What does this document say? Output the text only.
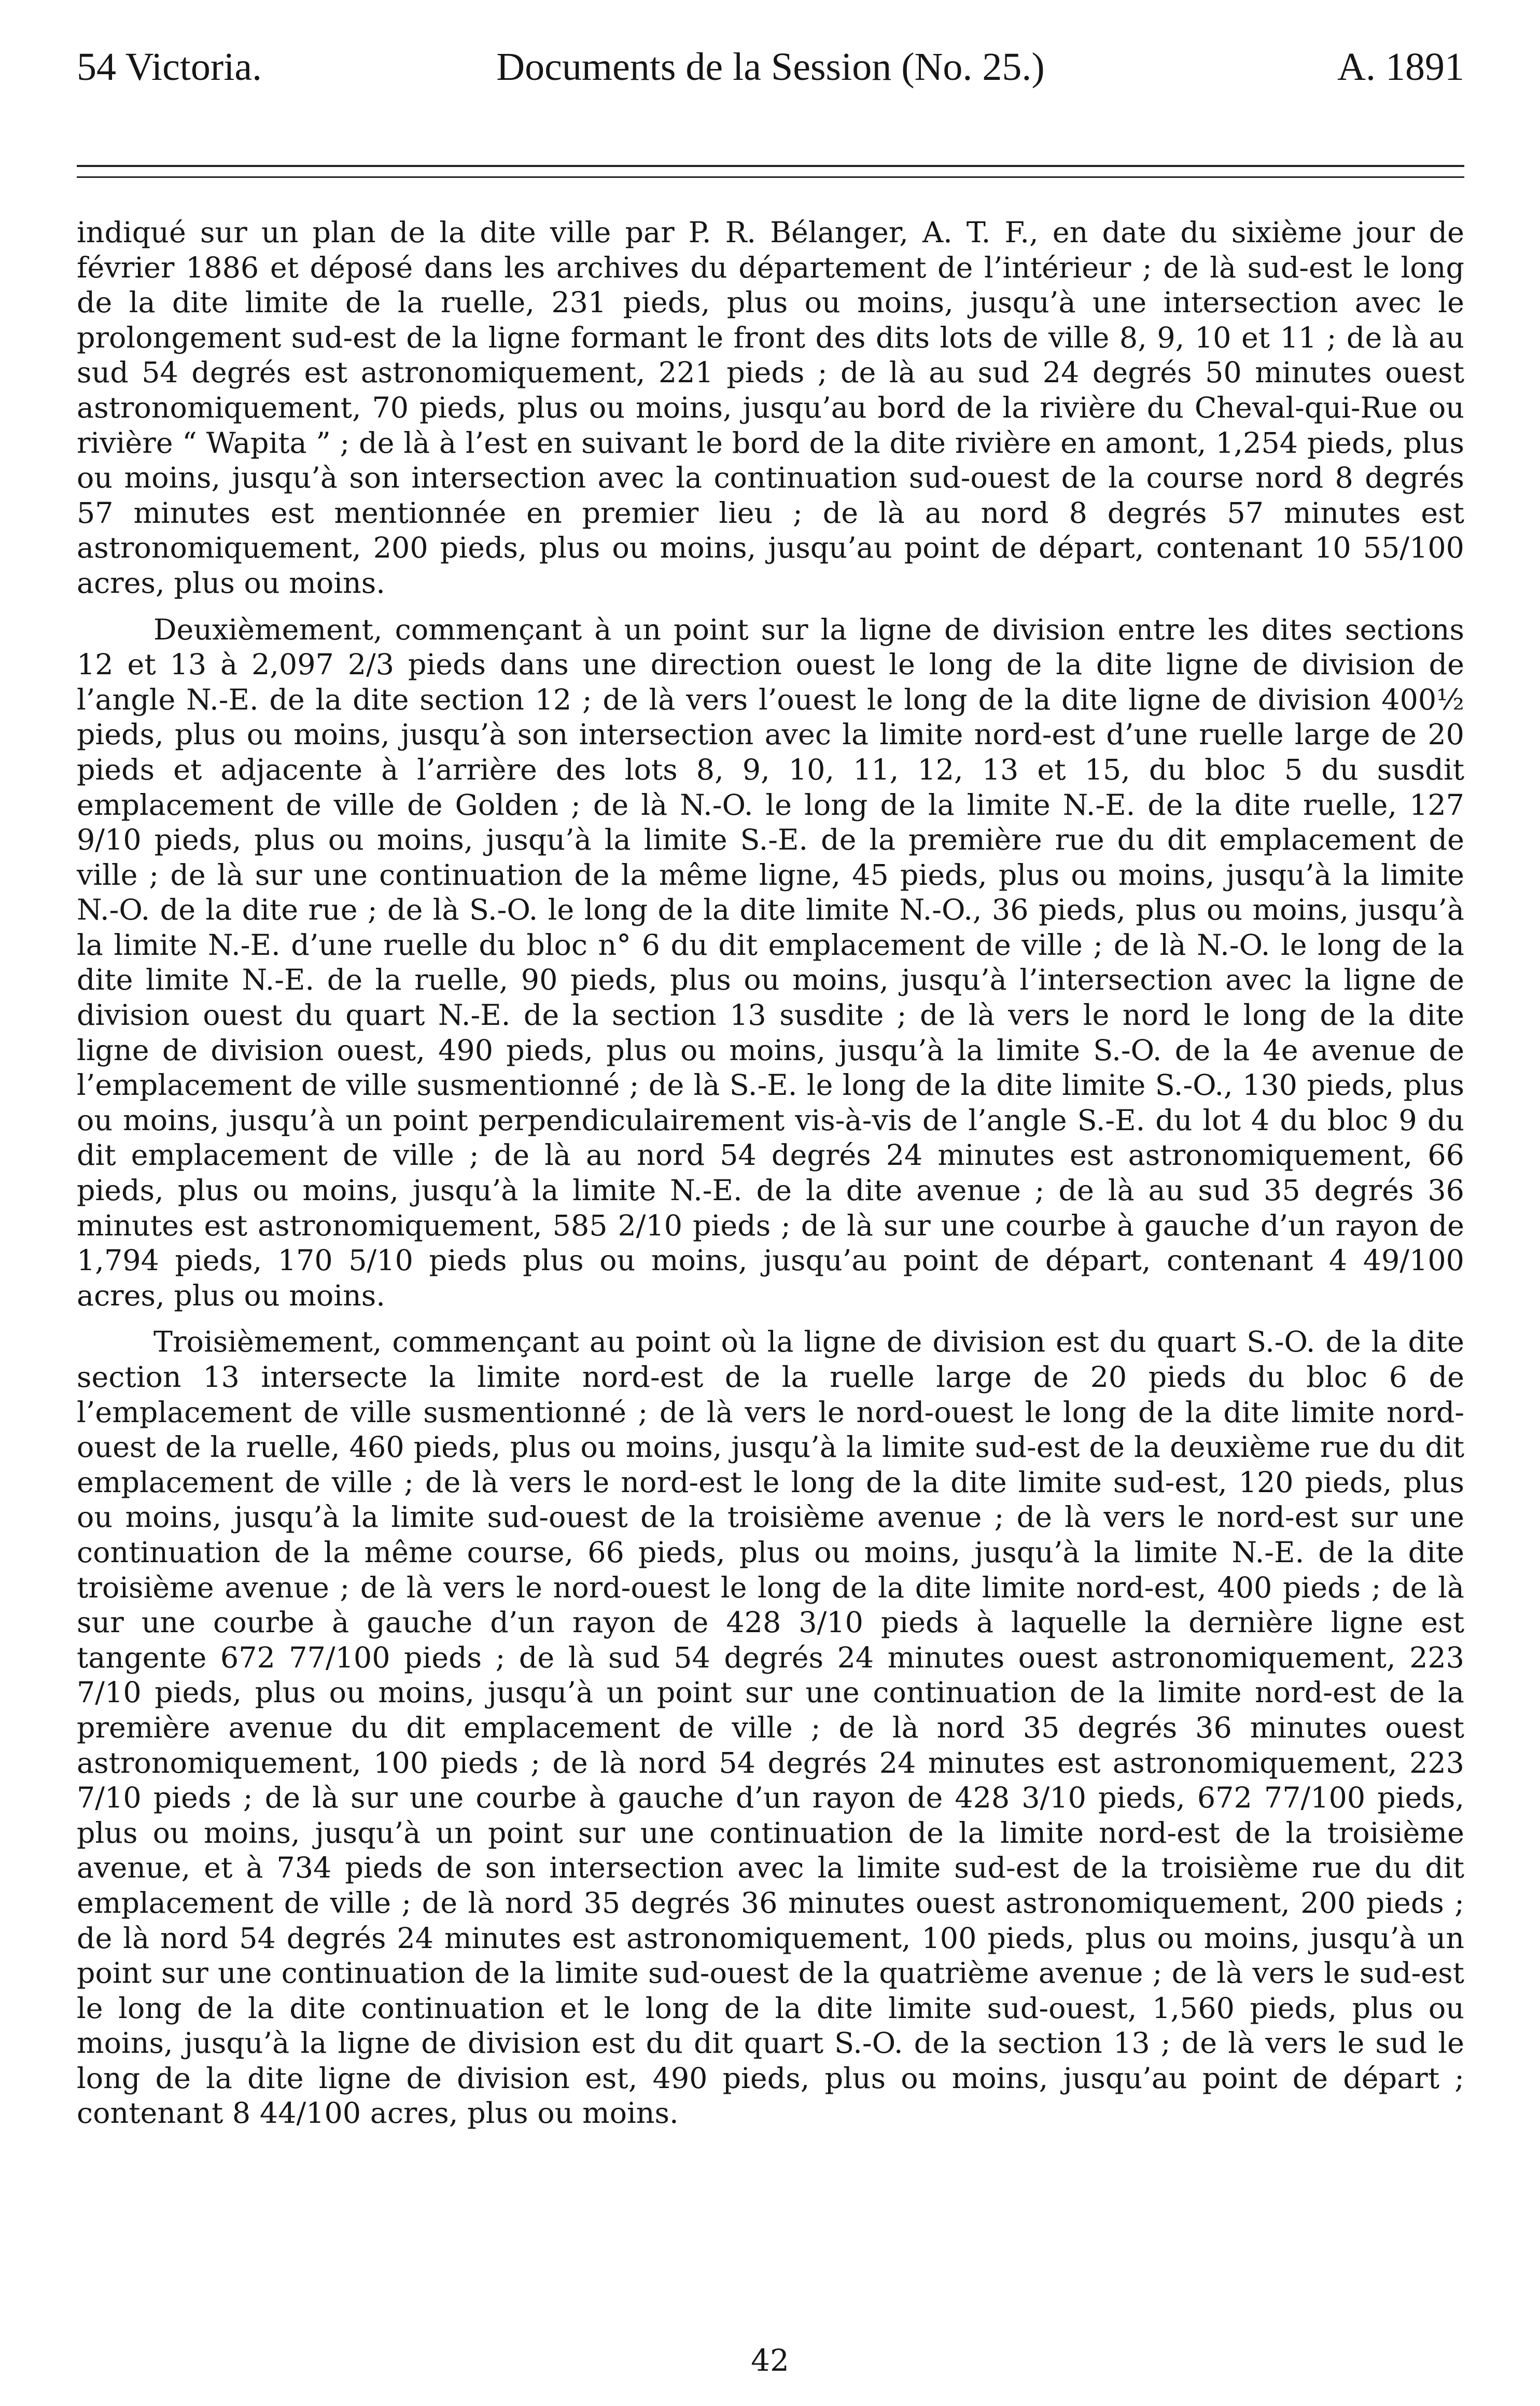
54 Victoria.	Documents de la Session (No. 25.)	A. 1891

indiqué sur un plan de la dite ville par P. R. Bélanger, A. T. F., en date du sixième jour de février 1886 et déposé dans les archives du département de l’intérieur ; de là sud-est le long de la dite limite de la ruelle, 231 pieds, plus ou moins, jusqu’à une intersection avec le prolongement sud-est de la ligne formant le front des dits lots de ville 8, 9, 10 et 11 ; de là au sud 54 degrés est astronomiquement, 221 pieds ; de là au sud 24 degrés 50 minutes ouest astronomiquement, 70 pieds, plus ou moins, jusqu’au bord de la rivière du Cheval-qui-Rue ou rivière “ Wapita ” ; de là à l’est en suivant le bord de la dite rivière en amont, 1,254 pieds, plus ou moins, jusqu’à son intersection avec la continuation sud-ouest de la course nord 8 degrés 57 minutes est mentionnée en premier lieu ; de là au nord 8 degrés 57 minutes est astronomiquement, 200 pieds, plus ou moins, jusqu’au point de départ, contenant 10 55/100 acres, plus ou moins.

Deuxièmement, commençant à un point sur la ligne de division entre les dites sections 12 et 13 à 2,097 2/3 pieds dans une direction ouest le long de la dite ligne de division de l’angle N.-E. de la dite section 12 ; de là vers l’ouest le long de la dite ligne de division 400½ pieds, plus ou moins, jusqu’à son intersection avec la limite nord-est d’une ruelle large de 20 pieds et adjacente à l’arrière des lots 8, 9, 10, 11, 12, 13 et 15, du bloc 5 du susdit emplacement de ville de Golden ; de là N.-O. le long de la limite N.-E. de la dite ruelle, 127 9/10 pieds, plus ou moins, jusqu’à la limite S.-E. de la première rue du dit emplacement de ville ; de là sur une continuation de la même ligne, 45 pieds, plus ou moins, jusqu’à la limite N.-O. de la dite rue ; de là S.-O. le long de la dite limite N.-O., 36 pieds, plus ou moins, jusqu’à la limite N.-E. d’une ruelle du bloc n° 6 du dit emplacement de ville ; de là N.-O. le long de la dite limite N.-E. de la ruelle, 90 pieds, plus ou moins, jusqu’à l’intersection avec la ligne de division ouest du quart N.-E. de la section 13 susdite ; de là vers le nord le long de la dite ligne de division ouest, 490 pieds, plus ou moins, jusqu’à la limite S.-O. de la 4e avenue de l’emplacement de ville susmentionné ; de là S.-E. le long de la dite limite S.-O., 130 pieds, plus ou moins, jusqu’à un point perpendiculairement vis-à-vis de l’angle S.-E. du lot 4 du bloc 9 du dit emplacement de ville ; de là au nord 54 degrés 24 minutes est astronomiquement, 66 pieds, plus ou moins, jusqu’à la limite N.-E. de la dite avenue ; de là au sud 35 degrés 36 minutes est astronomiquement, 585 2/10 pieds ; de là sur une courbe à gauche d’un rayon de 1,794 pieds, 170 5/10 pieds plus ou moins, jusqu’au point de départ, contenant 4 49/100 acres, plus ou moins.

Troisièmement, commençant au point où la ligne de division est du quart S.-O. de la dite section 13 intersecte la limite nord-est de la ruelle large de 20 pieds du bloc 6 de l’emplacement de ville susmentionné ; de là vers le nord-ouest le long de la dite limite nord-ouest de la ruelle, 460 pieds, plus ou moins, jusqu’à la limite sud-est de la deuxième rue du dit emplacement de ville ; de là vers le nord-est le long de la dite limite sud-est, 120 pieds, plus ou moins, jusqu’à la limite sud-ouest de la troisième avenue ; de là vers le nord-est sur une continuation de la même course, 66 pieds, plus ou moins, jusqu’à la limite N.-E. de la dite troisième avenue ; de là vers le nord-ouest le long de la dite limite nord-est, 400 pieds ; de là sur une courbe à gauche d’un rayon de 428 3/10 pieds à laquelle la dernière ligne est tangente 672 77/100 pieds ; de là sud 54 degrés 24 minutes ouest astronomiquement, 223 7/10 pieds, plus ou moins, jusqu’à un point sur une continuation de la limite nord-est de la première avenue du dit emplacement de ville ; de là nord 35 degrés 36 minutes ouest astronomiquement, 100 pieds ; de là nord 54 degrés 24 minutes est astronomiquement, 223 7/10 pieds ; de là sur une courbe à gauche d’un rayon de 428 3/10 pieds, 672 77/100 pieds, plus ou moins, jusqu’à un point sur une continuation de la limite nord-est de la troisième avenue, et à 734 pieds de son intersection avec la limite sud-est de la troisième rue du dit emplacement de ville ; de là nord 35 degrés 36 minutes ouest astronomiquement, 200 pieds ; de là nord 54 degrés 24 minutes est astronomiquement, 100 pieds, plus ou moins, jusqu’à un point sur une continuation de la limite sud-ouest de la quatrième avenue ; de là vers le sud-est le long de la dite continuation et le long de la dite limite sud-ouest, 1,560 pieds, plus ou moins, jusqu’à la ligne de division est du dit quart S.-O. de la section 13 ; de là vers le sud le long de la dite ligne de division est, 490 pieds, plus ou moins, jusqu’au point de départ ; contenant 8 44/100 acres, plus ou moins.

42
